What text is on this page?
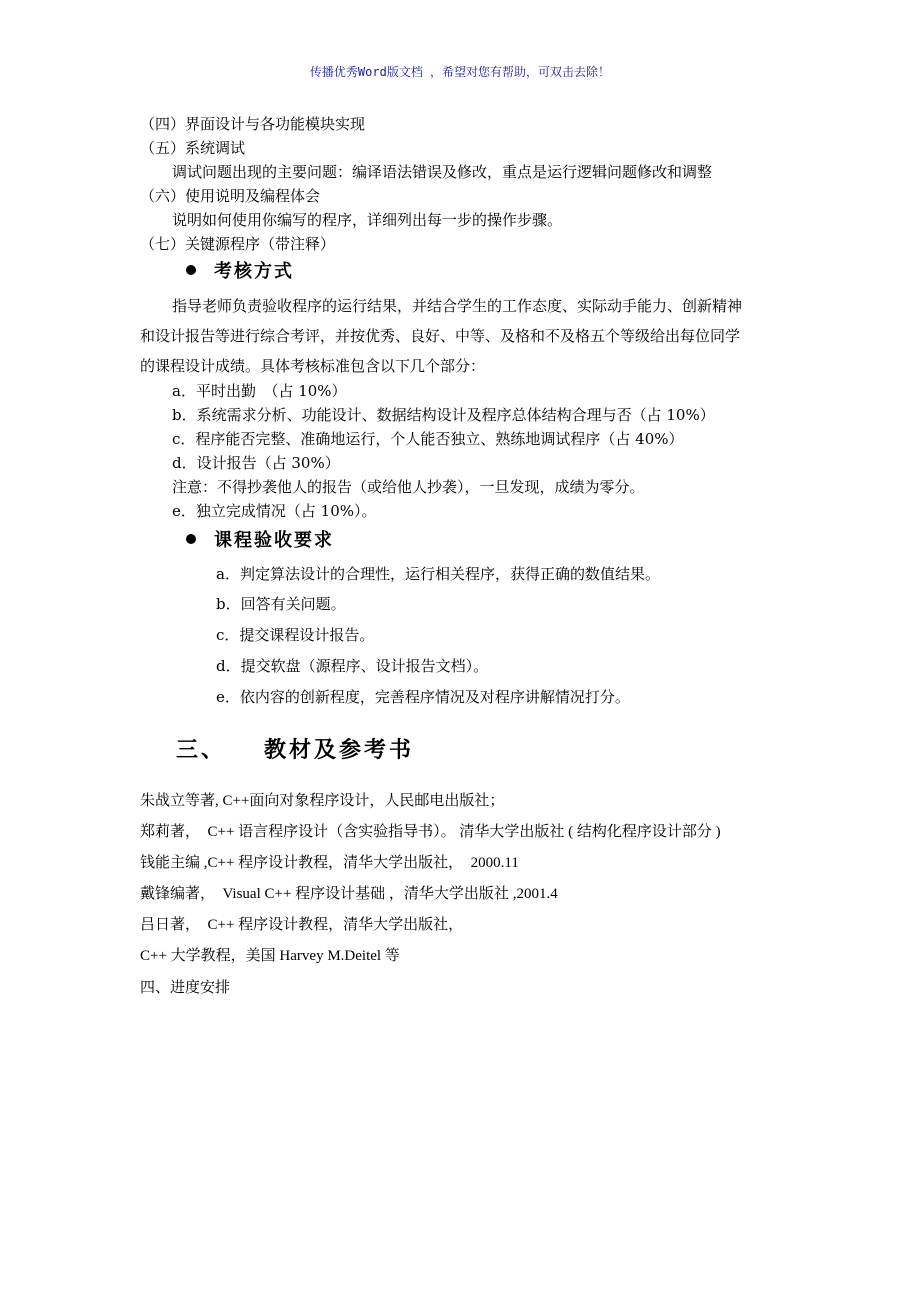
传播优秀Word版文档 ，希望对您有帮助，可双击去除！
（四）界面设计与各功能模块实现
（五）系统调试
调试问题出现的主要问题：编译语法错误及修改，重点是运行逻辑问题修改和调整
（六）使用说明及编程体会
说明如何使用你编写的程序，详细列出每一步的操作步骤。
（七）关键源程序（带注释）
考核方式
指导老师负责验收程序的运行结果，并结合学生的工作态度、实际动手能力、创新精神
和设计报告等进行综合考评，并按优秀、良好、中等、及格和不及格五个等级给出每位同学
的课程设计成绩。具体考核标准包含以下几个部分：
a．平时出勤　（占 10%）
b．系统需求分析、功能设计、数据结构设计及程序总体结构合理与否（占 10%）
c．程序能否完整、准确地运行，个人能否独立、熟练地调试程序（占 40%）
d．设计报告（占 30%）
注意：不得抄袭他人的报告（或给他人抄袭），一旦发现，成绩为零分。
e．独立完成情况（占 10%）。
课程验收要求
a．判定算法设计的合理性，运行相关程序，获得正确的数值结果。
b．回答有关问题。
c．提交课程设计报告。
d．提交软盘（源程序、设计报告文档）。
e．依内容的创新程度，完善程序情况及对程序讲解情况打分。
三、 教材及参考书
朱战立等著, C++面向对象程序设计，人民邮电出版社；
郑莉著，　C++ 语言程序设计（含实验指导书）。 清华大学出版社 ( 结构化程序设计部分 )
钱能主编 ,C++ 程序设计教程，清华大学出版社，　2000.11
戴锋编著，　Visual C++ 程序设计基础 ，清华大学出版社 ,2001.4
吕日著，　C++ 程序设计教程，清华大学出版社，
C++ 大学教程，美国 Harvey M.Deitel 等
四、进度安排
